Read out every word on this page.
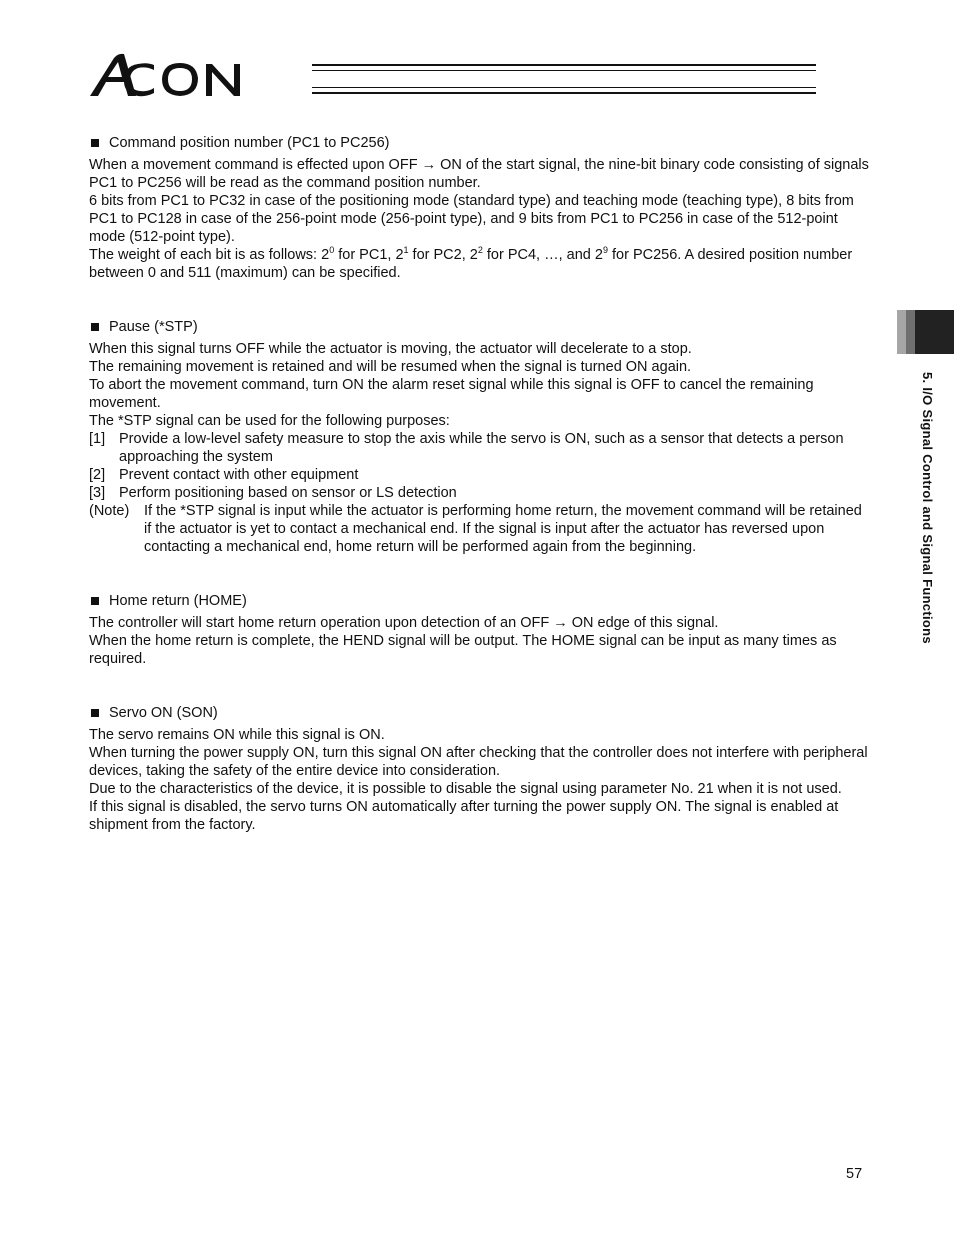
ACON
Command position number (PC1 to PC256)

When a movement command is effected upon OFF → ON of the start signal, the nine-bit binary code consisting of signals PC1 to PC256 will be read as the command position number.

6 bits from PC1 to PC32 in case of the positioning mode (standard type) and teaching mode (teaching type), 8 bits from PC1 to PC128 in case of the 256-point mode (256-point type), and 9 bits from PC1 to PC256 in case of the 512-point mode (512-point type).

The weight of each bit is as follows: $2^0$ for PC1, $2^1$ for PC2, $2^2$ for PC4, …, and $2^9$ for PC256. A desired position number between 0 and 511 (maximum) can be specified.

Pause (*STP)

When this signal turns OFF while the actuator is moving, the actuator will decelerate to a stop.

The remaining movement is retained and will be resumed when the signal is turned ON again.

To abort the movement command, turn ON the alarm reset signal while this signal is OFF to cancel the remaining movement.

The *STP signal can be used for the following purposes:

[1] Provide a low-level safety measure to stop the axis while the servo is ON, such as a sensor that detects a person approaching the system
[2] Prevent contact with other equipment
[3] Perform positioning based on sensor or LS detection
(Note)	If the *STP signal is input while the actuator is performing home return, the movement command will be retained if the actuator is yet to contact a mechanical end. If the signal is input after the actuator has reversed upon contacting a mechanical end, home return will be performed again from the beginning.
Home return (HOME)

The controller will start home return operation upon detection of an OFF → ON edge of this signal.

When the home return is complete, the HEND signal will be output. The HOME signal can be input as many times as required.

Servo ON (SON)

The servo remains ON while this signal is ON.

When turning the power supply ON, turn this signal ON after checking that the controller does not interfere with peripheral devices, taking the safety of the entire device into consideration.

Due to the characteristics of the device, it is possible to disable the signal using parameter No. 21 when it is not used.

If this signal is disabled, the servo turns ON automatically after turning the power supply ON. The signal is enabled at shipment from the factory.

5. I/O Signal Control and Signal Functions
57
